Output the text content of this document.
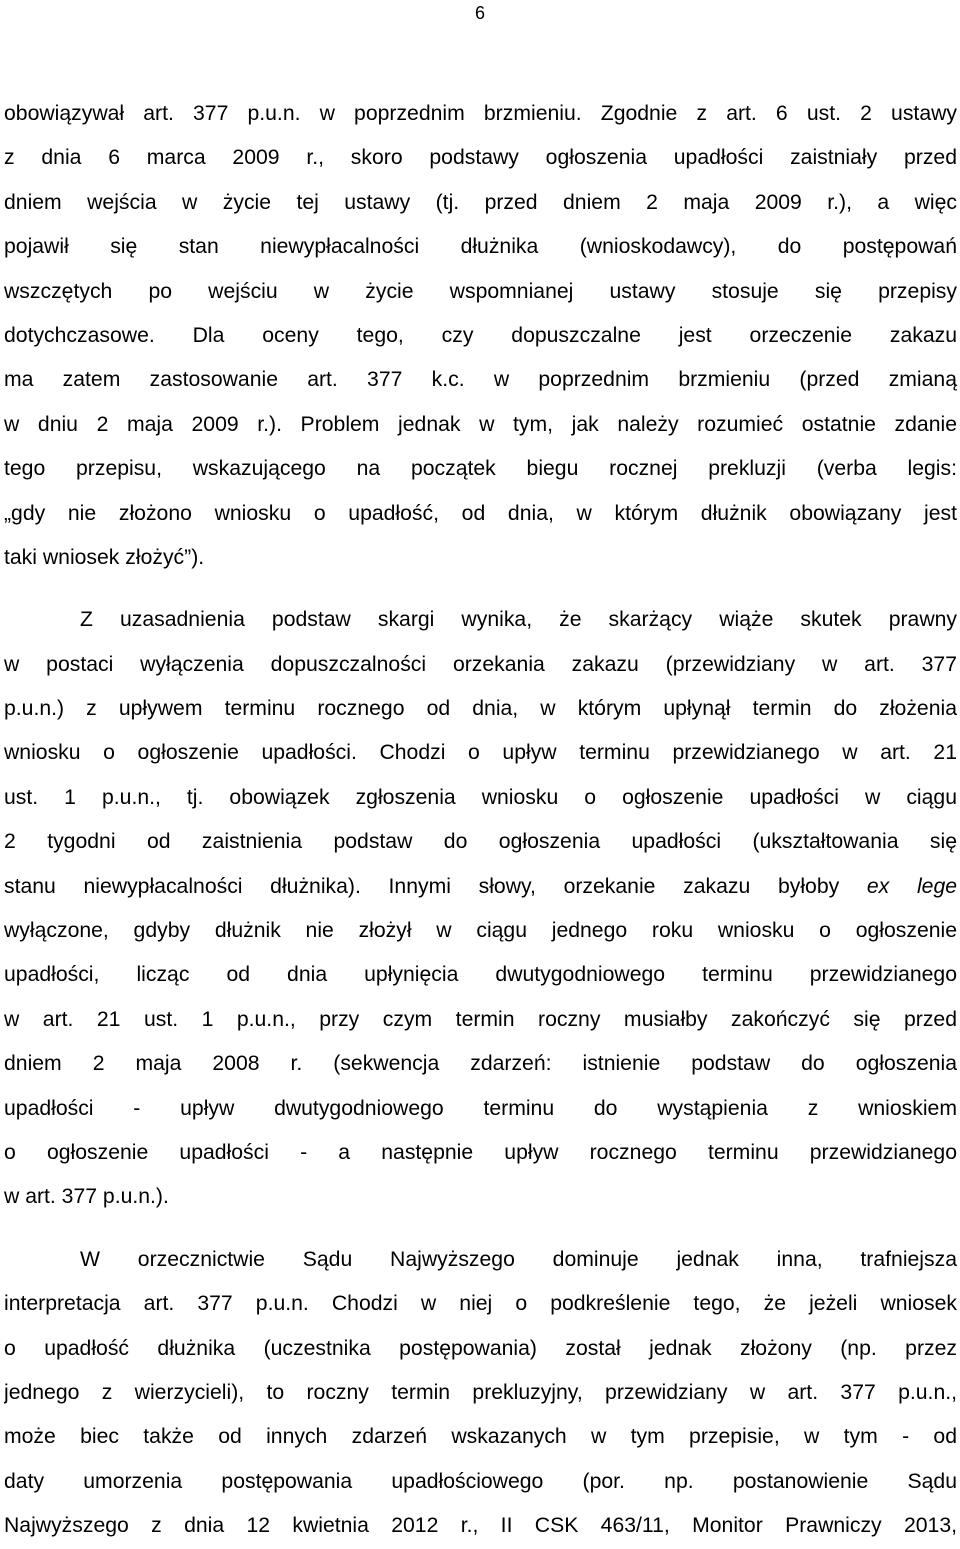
6
obowiązywał art. 377 p.u.n. w poprzednim brzmieniu. Zgodnie z art. 6 ust. 2 ustawy
z dnia 6 marca 2009 r., skoro podstawy ogłoszenia upadłości zaistniały przed
dniem wejścia w życie tej ustawy (tj. przed dniem 2 maja 2009 r.), a więc
pojawił się stan niewypłacalności dłużnika (wnioskodawcy), do postępowań
wszczętych po wejściu w życie wspomnianej ustawy stosuje się przepisy
dotychczasowe. Dla oceny tego, czy dopuszczalne jest orzeczenie zakazu
ma zatem zastosowanie art. 377 k.c. w poprzednim brzmieniu (przed zmianą
w dniu 2 maja 2009 r.). Problem jednak w tym, jak należy rozumieć ostatnie zdanie
tego przepisu, wskazującego na początek biegu rocznej prekluzji (verba legis:
„gdy nie złożono wniosku o upadłość, od dnia, w którym dłużnik obowiązany jest
taki wniosek złożyć”).
Z uzasadnienia podstaw skargi wynika, że skarżący wiąże skutek prawny
w postaci wyłączenia dopuszczalności orzekania zakazu (przewidziany w art. 377
p.u.n.) z upływem terminu rocznego od dnia, w którym upłynął termin do złożenia
wniosku o ogłoszenie upadłości. Chodzi o upływ terminu przewidzianego w art. 21
ust. 1 p.u.n., tj. obowiązek zgłoszenia wniosku o ogłoszenie upadłości w ciągu
2 tygodni od zaistnienia podstaw do ogłoszenia upadłości (ukształtowania się
stanu niewypłacalności dłużnika). Innymi słowy, orzekanie zakazu byłoby ex lege
wyłączone, gdyby dłużnik nie złożył w ciągu jednego roku wniosku o ogłoszenie
upadłości, licząc od dnia upłynięcia dwutygodniowego terminu przewidzianego
w art. 21 ust. 1 p.u.n., przy czym termin roczny musiałby zakończyć się przed
dniem 2 maja 2008 r. (sekwencja zdarzeń: istnienie podstaw do ogłoszenia
upadłości - upływ dwutygodniowego terminu do wystąpienia z wnioskiem
o ogłoszenie upadłości - a następnie upływ rocznego terminu przewidzianego
w art. 377 p.u.n.).
W orzecznictwie Sądu Najwyższego dominuje jednak inna, trafniejsza
interpretacja art. 377 p.u.n. Chodzi w niej o podkreślenie tego, że jeżeli wniosek
o upadłość dłużnika (uczestnika postępowania) został jednak złożony (np. przez
jednego z wierzycieli), to roczny termin prekluzyjny, przewidziany w art. 377 p.u.n.,
może biec także od innych zdarzeń wskazanych w tym przepisie, w tym - od
daty umorzenia postępowania upadłościowego (por. np. postanowienie Sądu
Najwyższego z dnia 12 kwietnia 2012 r., II CSK 463/11, Monitor Prawniczy 2013,
